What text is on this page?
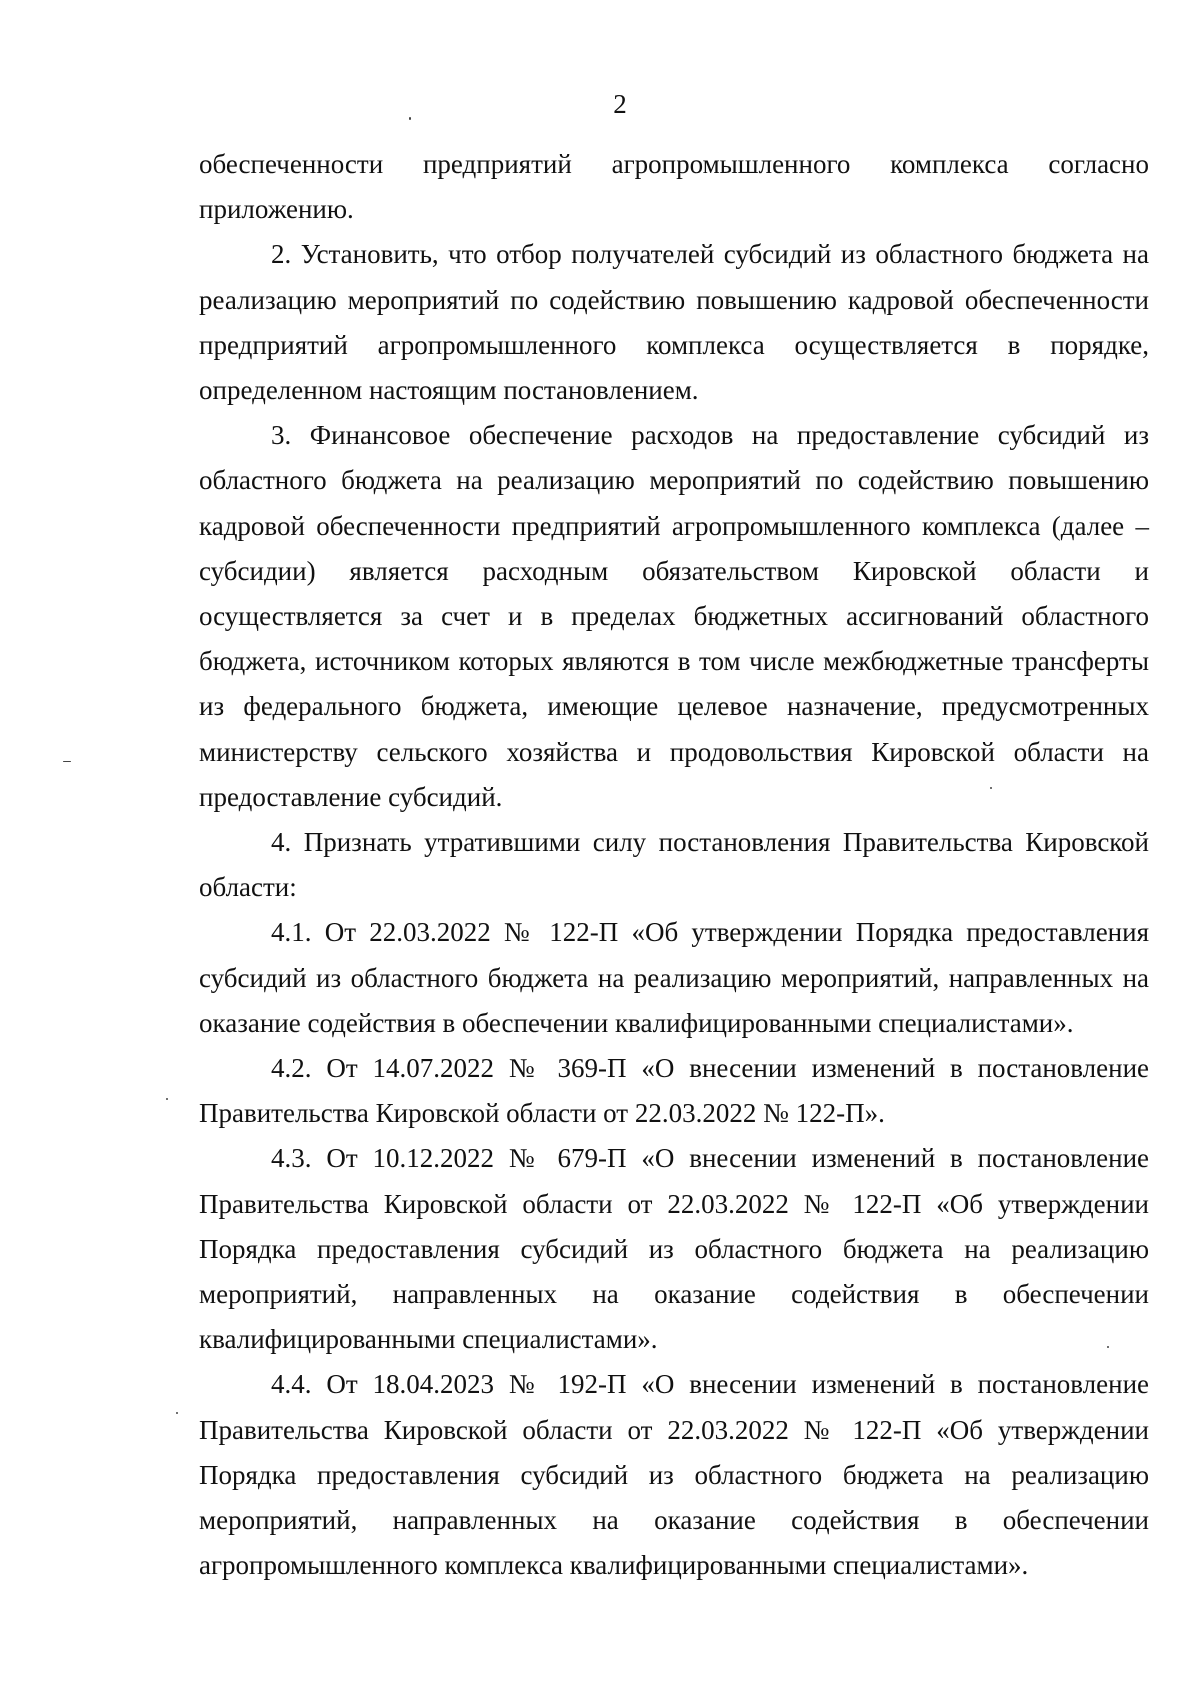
2

обеспеченности предприятий агропромышленного комплекса согласно приложению.

2. Установить, что отбор получателей субсидий из областного бюджета на реализацию мероприятий по содействию повышению кадровой обеспеченности предприятий агропромышленного комплекса осуществляется в порядке, определенном настоящим постановлением.

3. Финансовое обеспечение расходов на предоставление субсидий из областного бюджета на реализацию мероприятий по содействию повышению кадровой обеспеченности предприятий агропромышленного комплекса (далее – субсидии) является расходным обязательством Кировской области и осуществляется за счет и в пределах бюджетных ассигнований областного бюджета, источником которых являются в том числе межбюджетные трансферты из федерального бюджета, имеющие целевое назначение, предусмотренных министерству сельского хозяйства и продовольствия Кировской области на предоставление субсидий.

4. Признать утратившими силу постановления Правительства Кировской области:

4.1. От 22.03.2022 № 122-П «Об утверждении Порядка предоставления субсидий из областного бюджета на реализацию мероприятий, направленных на оказание содействия в обеспечении квалифицированными специалистами».

4.2. От 14.07.2022 № 369-П «О внесении изменений в постановление Правительства Кировской области от 22.03.2022 № 122-П».

4.3. От 10.12.2022 № 679-П «О внесении изменений в постановление Правительства Кировской области от 22.03.2022 № 122-П «Об утверждении Порядка предоставления субсидий из областного бюджета на реализацию мероприятий, направленных на оказание содействия в обеспечении квалифицированными специалистами».

4.4. От 18.04.2023 № 192-П «О внесении изменений в постановление Правительства Кировской области от 22.03.2022 № 122-П «Об утверждении Порядка предоставления субсидий из областного бюджета на реализацию мероприятий, направленных на оказание содействия в обеспечении агропромышленного комплекса квалифицированными специалистами».
